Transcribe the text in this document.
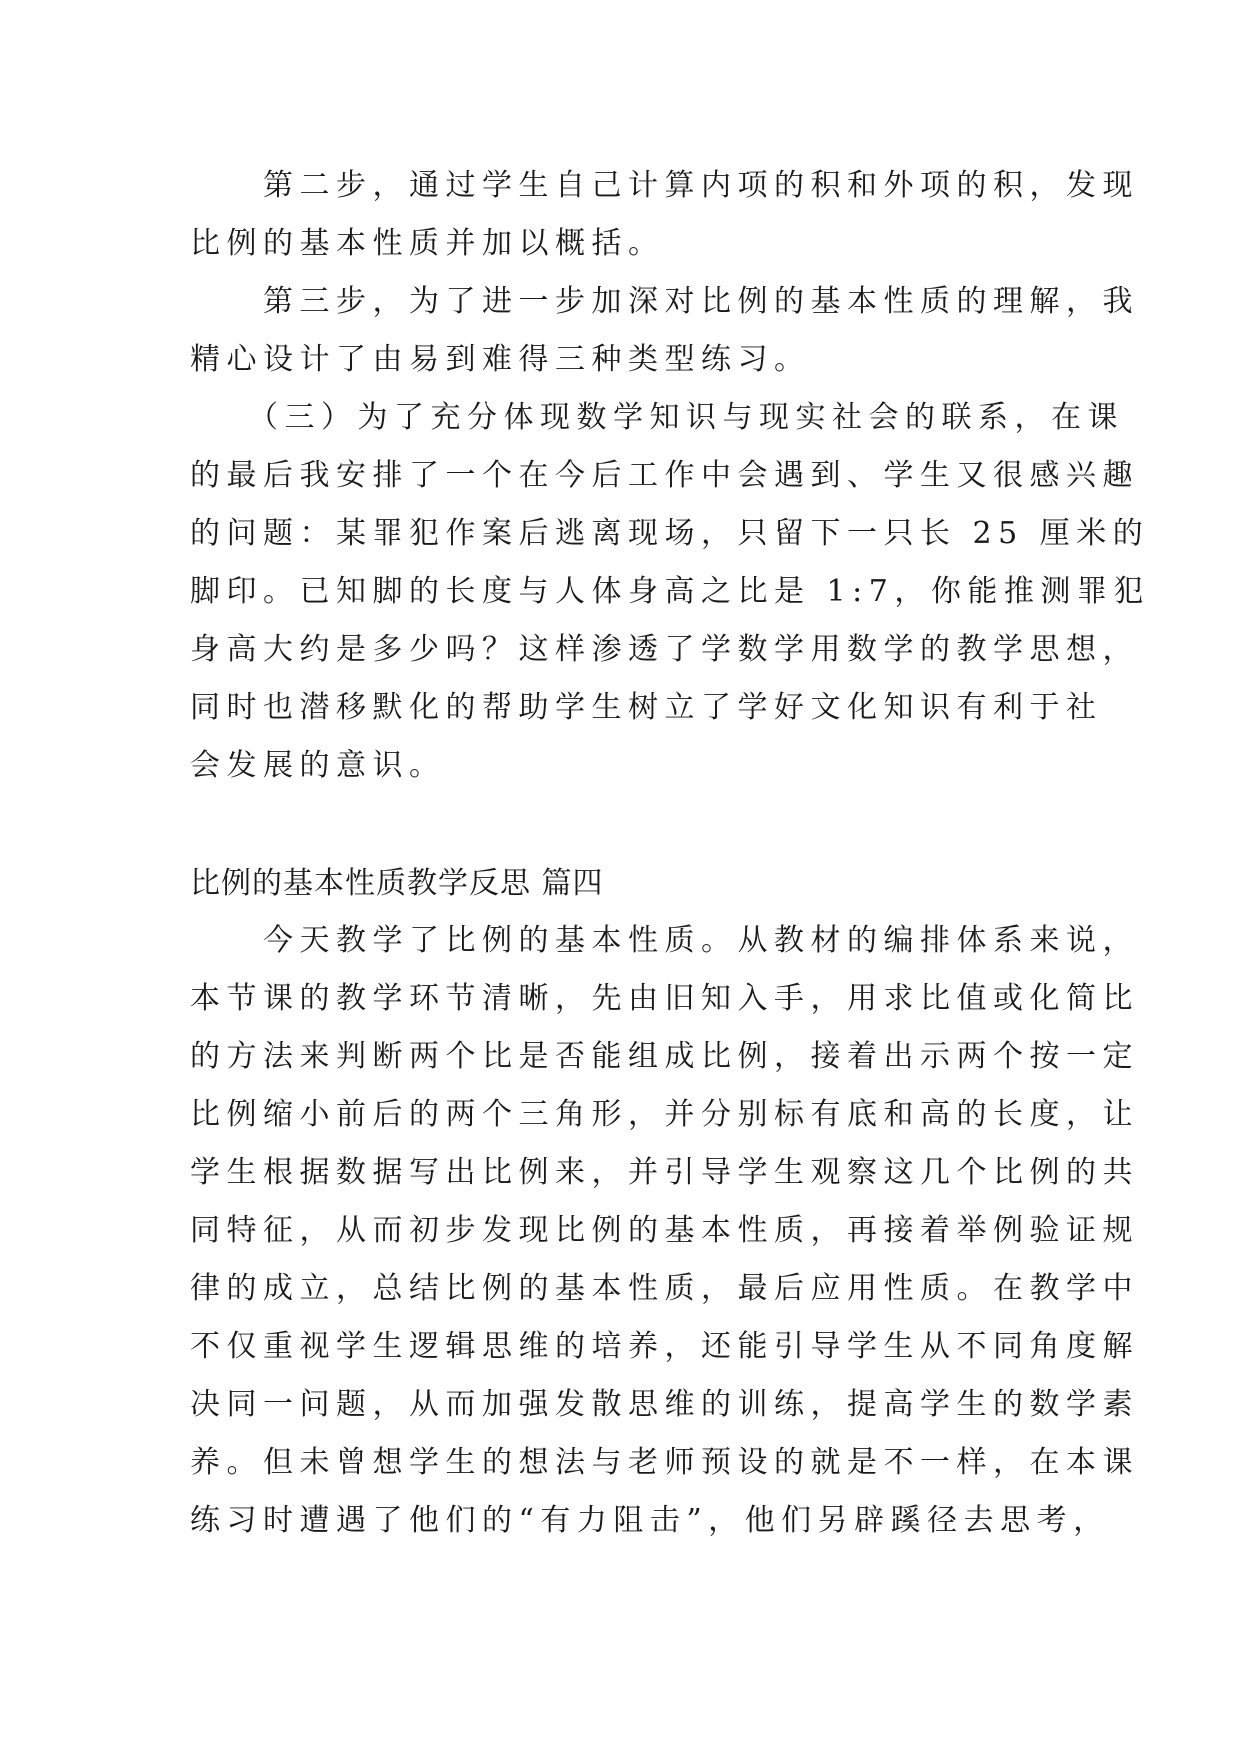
　　第二步，通过学生自己计算内项的积和外项的积，发现

比例的基本性质并加以概括。

　　第三步，为了进一步加深对比例的基本性质的理解，我

精心设计了由易到难得三种类型练习。

　　（三）为了充分体现数学知识与现实社会的联系，在课

的最后我安排了一个在今后工作中会遇到、学生又很感兴趣

的问题：某罪犯作案后逃离现场，只留下一只长 25 厘米的

脚印。已知脚的长度与人体身高之比是 1:7，你能推测罪犯

身高大约是多少吗？这样渗透了学数学用数学的教学思想，

同时也潜移默化的帮助学生树立了学好文化知识有利于社

会发展的意识。

比例的基本性质教学反思 篇四

　　今天教学了比例的基本性质。从教材的编排体系来说，

本节课的教学环节清晰，先由旧知入手，用求比值或化简比

的方法来判断两个比是否能组成比例，接着出示两个按一定

比例缩小前后的两个三角形，并分别标有底和高的长度，让

学生根据数据写出比例来，并引导学生观察这几个比例的共

同特征，从而初步发现比例的基本性质，再接着举例验证规

律的成立，总结比例的基本性质，最后应用性质。在教学中

不仅重视学生逻辑思维的培养，还能引导学生从不同角度解

决同一问题，从而加强发散思维的训练，提高学生的数学素

养。但未曾想学生的想法与老师预设的就是不一样，在本课

练习时遭遇了他们的“有力阻击”，他们另辟蹊径去思考，
